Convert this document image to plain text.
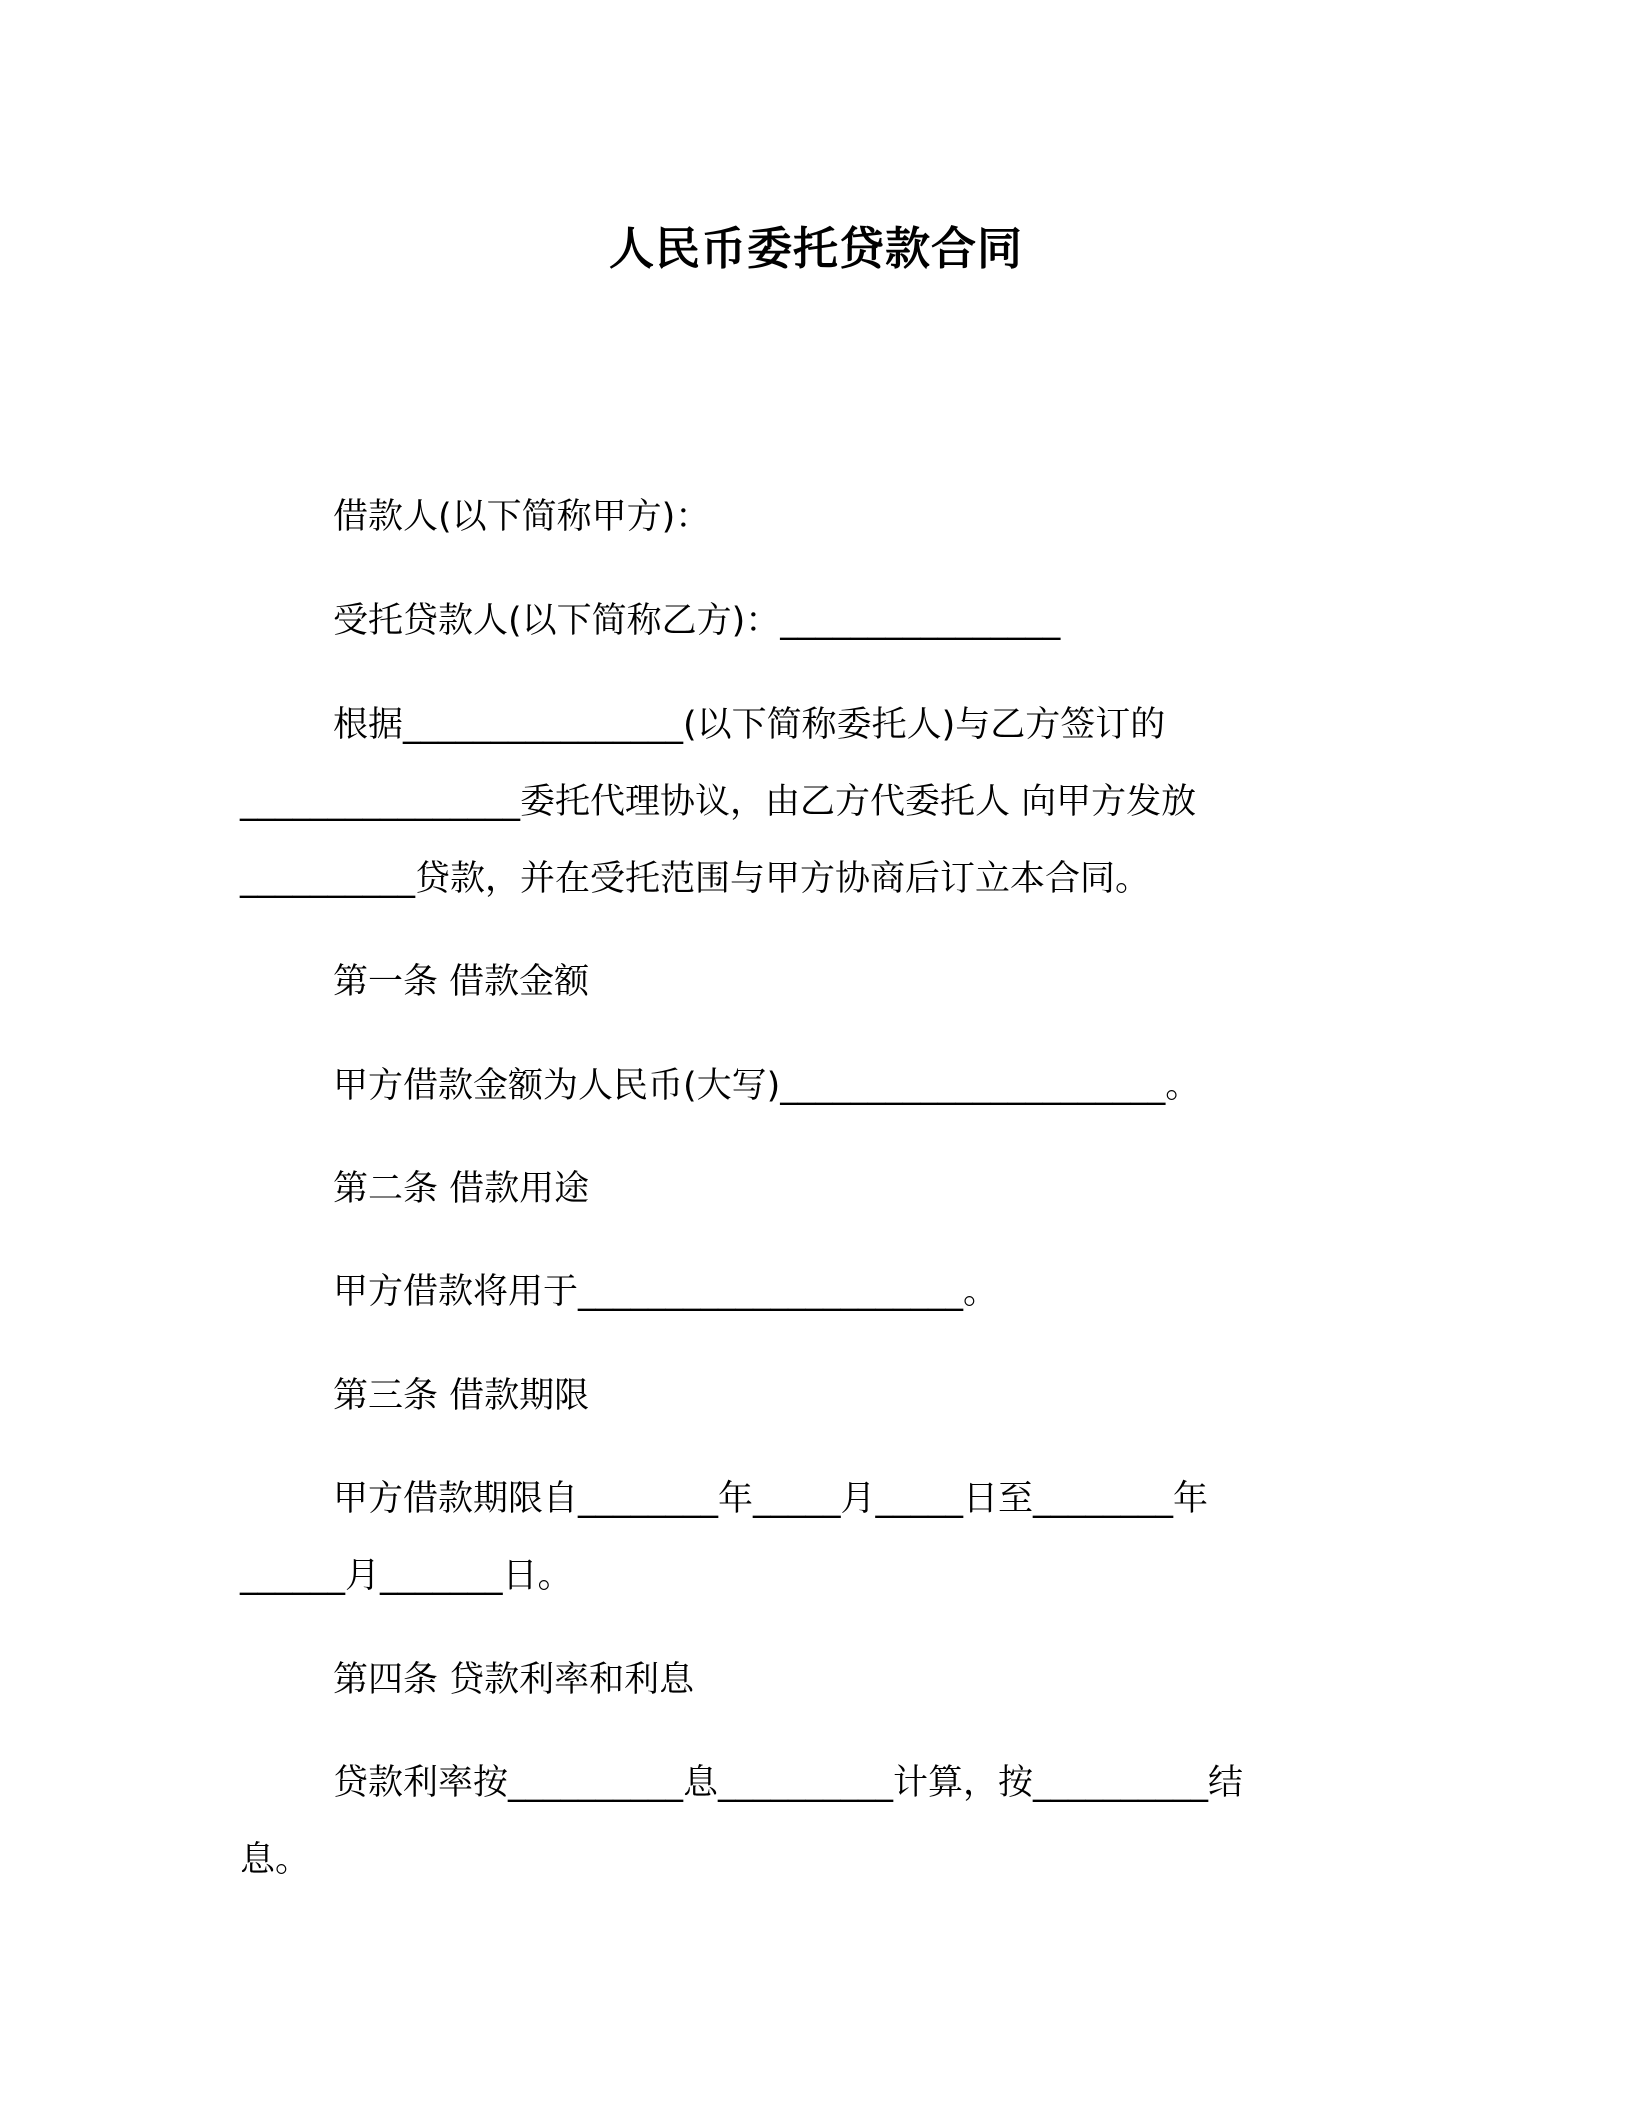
人民币委托贷款合同
借款人(以下简称甲方)：
受托贷款人(以下简称乙方)：________________
根据________________(以下简称委托人)与乙方签订的
________________委托代理协议，由乙方代委托人 向甲方发放
__________贷款，并在受托范围与甲方协商后订立本合同。
第一条 借款金额
甲方借款金额为人民币(大写)______________________。
第二条 借款用途
甲方借款将用于______________________。
第三条 借款期限
甲方借款期限自________年_____月_____日至________年
______月_______日。
第四条 贷款利率和利息
贷款利率按__________息__________计算，按__________结
息。
